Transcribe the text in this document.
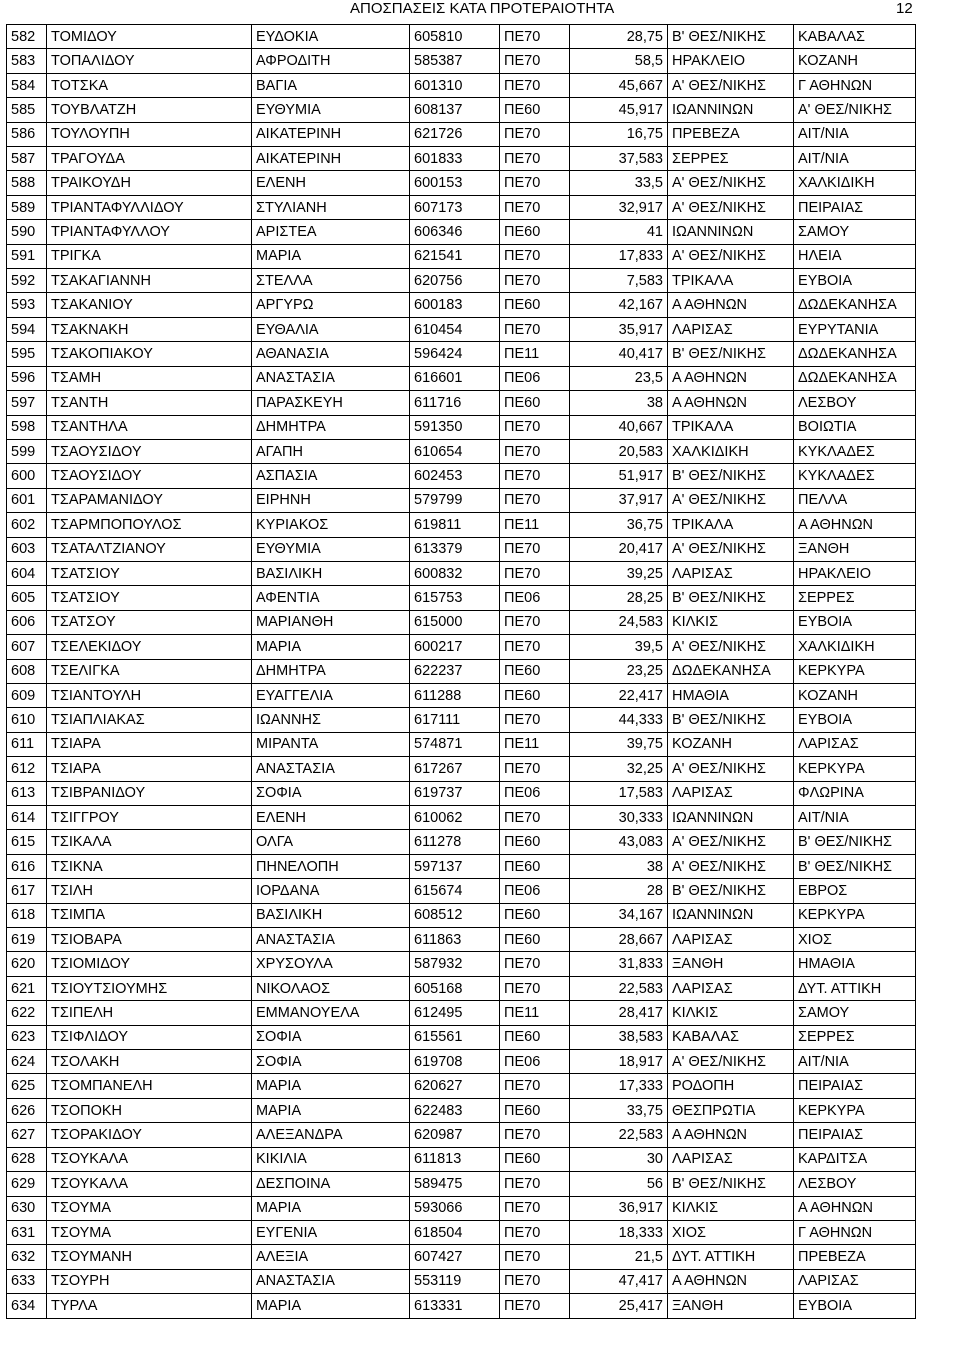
ΑΠΟΣΠΑΣΕΙΣ ΚΑΤΑ ΠΡΟΤΕΡΑΙΟΤΗΤΑ	12
582	ΤΟΜΙΔΟΥ	ΕΥΔΟΚΙΑ	605810	ΠΕ70	28,75	Β' ΘΕΣ/ΝΙΚΗΣ	ΚΑΒΑΛΑΣ
583	ΤΟΠΑΛΙΔΟΥ	ΑΦΡΟΔΙΤΗ	585387	ΠΕ70	58,5	ΗΡΑΚΛΕΙΟ	ΚΟΖΑΝΗ
584	ΤΟΤΣΚΑ	ΒΑΓΙΑ	601310	ΠΕ70	45,667	Α' ΘΕΣ/ΝΙΚΗΣ	Γ ΑΘΗΝΩΝ
585	ΤΟΥΒΛΑΤΖΗ	ΕΥΘΥΜΙΑ	608137	ΠΕ60	45,917	ΙΩΑΝΝΙΝΩΝ	Α' ΘΕΣ/ΝΙΚΗΣ
586	ΤΟΥΛΟΥΠΗ	ΑΙΚΑΤΕΡΙΝΗ	621726	ΠΕ70	16,75	ΠΡΕΒΕΖΑ	ΑΙΤ/ΝΙΑ
587	ΤΡΑΓΟΥΔΑ	ΑΙΚΑΤΕΡΙΝΗ	601833	ΠΕ70	37,583	ΣΕΡΡΕΣ	ΑΙΤ/ΝΙΑ
588	ΤΡΑΙΚΟΥΔΗ	ΕΛΕΝΗ	600153	ΠΕ70	33,5	Α' ΘΕΣ/ΝΙΚΗΣ	ΧΑΛΚΙΔΙΚΗ
589	ΤΡΙΑΝΤΑΦΥΛΛΙΔΟΥ	ΣΤΥΛΙΑΝΗ	607173	ΠΕ70	32,917	Α' ΘΕΣ/ΝΙΚΗΣ	ΠΕΙΡΑΙΑΣ
590	ΤΡΙΑΝΤΑΦΥΛΛΟΥ	ΑΡΙΣΤΕΑ	606346	ΠΕ60	41	ΙΩΑΝΝΙΝΩΝ	ΣΑΜΟΥ
591	ΤΡΙΓΚΑ	ΜΑΡΙΑ	621541	ΠΕ70	17,833	Α' ΘΕΣ/ΝΙΚΗΣ	ΗΛΕΙΑ
592	ΤΣΑΚΑΓΙΑΝΝΗ	ΣΤΕΛΛΑ	620756	ΠΕ70	7,583	ΤΡΙΚΑΛΑ	ΕΥΒΟΙΑ
593	ΤΣΑΚΑΝΙΟΥ	ΑΡΓΥΡΩ	600183	ΠΕ60	42,167	Α ΑΘΗΝΩΝ	ΔΩΔΕΚΑΝΗΣΑ
594	ΤΣΑΚΝΑΚΗ	ΕΥΘΑΛΙΑ	610454	ΠΕ70	35,917	ΛΑΡΙΣΑΣ	ΕΥΡΥΤΑΝΙΑ
595	ΤΣΑΚΟΠΙΑΚΟΥ	ΑΘΑΝΑΣΙΑ	596424	ΠΕ11	40,417	Β' ΘΕΣ/ΝΙΚΗΣ	ΔΩΔΕΚΑΝΗΣΑ
596	ΤΣΑΜΗ	ΑΝΑΣΤΑΣΙΑ	616601	ΠΕ06	23,5	Α ΑΘΗΝΩΝ	ΔΩΔΕΚΑΝΗΣΑ
597	ΤΣΑΝΤΗ	ΠΑΡΑΣΚΕΥΗ	611716	ΠΕ60	38	Α ΑΘΗΝΩΝ	ΛΕΣΒΟΥ
598	ΤΣΑΝΤΗΛΑ	ΔΗΜΗΤΡΑ	591350	ΠΕ70	40,667	ΤΡΙΚΑΛΑ	ΒΟΙΩΤΙΑ
599	ΤΣΑΟΥΣΙΔΟΥ	ΑΓΑΠΗ	610654	ΠΕ70	20,583	ΧΑΛΚΙΔΙΚΗ	ΚΥΚΛΑΔΕΣ
600	ΤΣΑΟΥΣΙΔΟΥ	ΑΣΠΑΣΙΑ	602453	ΠΕ70	51,917	Β' ΘΕΣ/ΝΙΚΗΣ	ΚΥΚΛΑΔΕΣ
601	ΤΣΑΡΑΜΑΝΙΔΟΥ	ΕΙΡΗΝΗ	579799	ΠΕ70	37,917	Α' ΘΕΣ/ΝΙΚΗΣ	ΠΕΛΛΑ
602	ΤΣΑΡΜΠΟΠΟΥΛΟΣ	ΚΥΡΙΑΚΟΣ	619811	ΠΕ11	36,75	ΤΡΙΚΑΛΑ	Α ΑΘΗΝΩΝ
603	ΤΣΑΤΑΛΤΖΙΑΝΟΥ	ΕΥΘΥΜΙΑ	613379	ΠΕ70	20,417	Α' ΘΕΣ/ΝΙΚΗΣ	ΞΑΝΘΗ
604	ΤΣΑΤΣΙΟΥ	ΒΑΣΙΛΙΚΗ	600832	ΠΕ70	39,25	ΛΑΡΙΣΑΣ	ΗΡΑΚΛΕΙΟ
605	ΤΣΑΤΣΙΟΥ	ΑΦΕΝΤΙΑ	615753	ΠΕ06	28,25	Β' ΘΕΣ/ΝΙΚΗΣ	ΣΕΡΡΕΣ
606	ΤΣΑΤΣΟΥ	ΜΑΡΙΑΝΘΗ	615000	ΠΕ70	24,583	ΚΙΛΚΙΣ	ΕΥΒΟΙΑ
607	ΤΣΕΛΕΚΙΔΟΥ	ΜΑΡΙΑ	600217	ΠΕ70	39,5	Α' ΘΕΣ/ΝΙΚΗΣ	ΧΑΛΚΙΔΙΚΗ
608	ΤΣΕΛΙΓΚΑ	ΔΗΜΗΤΡΑ	622237	ΠΕ60	23,25	ΔΩΔΕΚΑΝΗΣΑ	ΚΕΡΚΥΡΑ
609	ΤΣΙΑΝΤΟΥΛΗ	ΕΥΑΓΓΕΛΙΑ	611288	ΠΕ60	22,417	ΗΜΑΘΙΑ	ΚΟΖΑΝΗ
610	ΤΣΙΑΠΛΙΑΚΑΣ	ΙΩΑΝΝΗΣ	617111	ΠΕ70	44,333	Β' ΘΕΣ/ΝΙΚΗΣ	ΕΥΒΟΙΑ
611	ΤΣΙΑΡΑ	ΜΙΡΑΝΤΑ	574871	ΠΕ11	39,75	ΚΟΖΑΝΗ	ΛΑΡΙΣΑΣ
612	ΤΣΙΑΡΑ	ΑΝΑΣΤΑΣΙΑ	617267	ΠΕ70	32,25	Α' ΘΕΣ/ΝΙΚΗΣ	ΚΕΡΚΥΡΑ
613	ΤΣΙΒΡΑΝΙΔΟΥ	ΣΟΦΙΑ	619737	ΠΕ06	17,583	ΛΑΡΙΣΑΣ	ΦΛΩΡΙΝΑ
614	ΤΣΙΓΓΡΟΥ	ΕΛΕΝΗ	610062	ΠΕ70	30,333	ΙΩΑΝΝΙΝΩΝ	ΑΙΤ/ΝΙΑ
615	ΤΣΙΚΑΛΑ	ΟΛΓΑ	611278	ΠΕ60	43,083	Α' ΘΕΣ/ΝΙΚΗΣ	Β' ΘΕΣ/ΝΙΚΗΣ
616	ΤΣΙΚΝΑ	ΠΗΝΕΛΟΠΗ	597137	ΠΕ60	38	Α' ΘΕΣ/ΝΙΚΗΣ	Β' ΘΕΣ/ΝΙΚΗΣ
617	ΤΣΙΛΗ	ΙΟΡΔΑΝΑ	615674	ΠΕ06	28	Β' ΘΕΣ/ΝΙΚΗΣ	ΕΒΡΟΣ
618	ΤΣΙΜΠΑ	ΒΑΣΙΛΙΚΗ	608512	ΠΕ60	34,167	ΙΩΑΝΝΙΝΩΝ	ΚΕΡΚΥΡΑ
619	ΤΣΙΟΒΑΡΑ	ΑΝΑΣΤΑΣΙΑ	611863	ΠΕ60	28,667	ΛΑΡΙΣΑΣ	ΧΙΟΣ
620	ΤΣΙΟΜΙΔΟΥ	ΧΡΥΣΟΥΛΑ	587932	ΠΕ70	31,833	ΞΑΝΘΗ	ΗΜΑΘΙΑ
621	ΤΣΙΟΥΤΣΙΟΥΜΗΣ	ΝΙΚΟΛΑΟΣ	605168	ΠΕ70	22,583	ΛΑΡΙΣΑΣ	ΔΥΤ. ΑΤΤΙΚΗ
622	ΤΣΙΠΕΛΗ	ΕΜΜΑΝΟΥΕΛΑ	612495	ΠΕ11	28,417	ΚΙΛΚΙΣ	ΣΑΜΟΥ
623	ΤΣΙΦΛΙΔΟΥ	ΣΟΦΙΑ	615561	ΠΕ60	38,583	ΚΑΒΑΛΑΣ	ΣΕΡΡΕΣ
624	ΤΣΟΛΑΚΗ	ΣΟΦΙΑ	619708	ΠΕ06	18,917	Α' ΘΕΣ/ΝΙΚΗΣ	ΑΙΤ/ΝΙΑ
625	ΤΣΟΜΠΑΝΕΛΗ	ΜΑΡΙΑ	620627	ΠΕ70	17,333	ΡΟΔΟΠΗ	ΠΕΙΡΑΙΑΣ
626	ΤΣΟΠΟΚΗ	ΜΑΡΙΑ	622483	ΠΕ60	33,75	ΘΕΣΠΡΩΤΙΑ	ΚΕΡΚΥΡΑ
627	ΤΣΟΡΑΚΙΔΟΥ	ΑΛΕΞΑΝΔΡΑ	620987	ΠΕ70	22,583	Α ΑΘΗΝΩΝ	ΠΕΙΡΑΙΑΣ
628	ΤΣΟΥΚΑΛΑ	ΚΙΚΙΛΙΑ	611813	ΠΕ60	30	ΛΑΡΙΣΑΣ	ΚΑΡΔΙΤΣΑ
629	ΤΣΟΥΚΑΛΑ	ΔΕΣΠΟΙΝΑ	589475	ΠΕ70	56	Β' ΘΕΣ/ΝΙΚΗΣ	ΛΕΣΒΟΥ
630	ΤΣΟΥΜΑ	ΜΑΡΙΑ	593066	ΠΕ70	36,917	ΚΙΛΚΙΣ	Α ΑΘΗΝΩΝ
631	ΤΣΟΥΜΑ	ΕΥΓΕΝΙΑ	618504	ΠΕ70	18,333	ΧΙΟΣ	Γ ΑΘΗΝΩΝ
632	ΤΣΟΥΜΑΝΗ	ΑΛΕΞΙΑ	607427	ΠΕ70	21,5	ΔΥΤ. ΑΤΤΙΚΗ	ΠΡΕΒΕΖΑ
633	ΤΣΟΥΡΗ	ΑΝΑΣΤΑΣΙΑ	553119	ΠΕ70	47,417	Α ΑΘΗΝΩΝ	ΛΑΡΙΣΑΣ
634	ΤΥΡΛΑ	ΜΑΡΙΑ	613331	ΠΕ70	25,417	ΞΑΝΘΗ	ΕΥΒΟΙΑ
